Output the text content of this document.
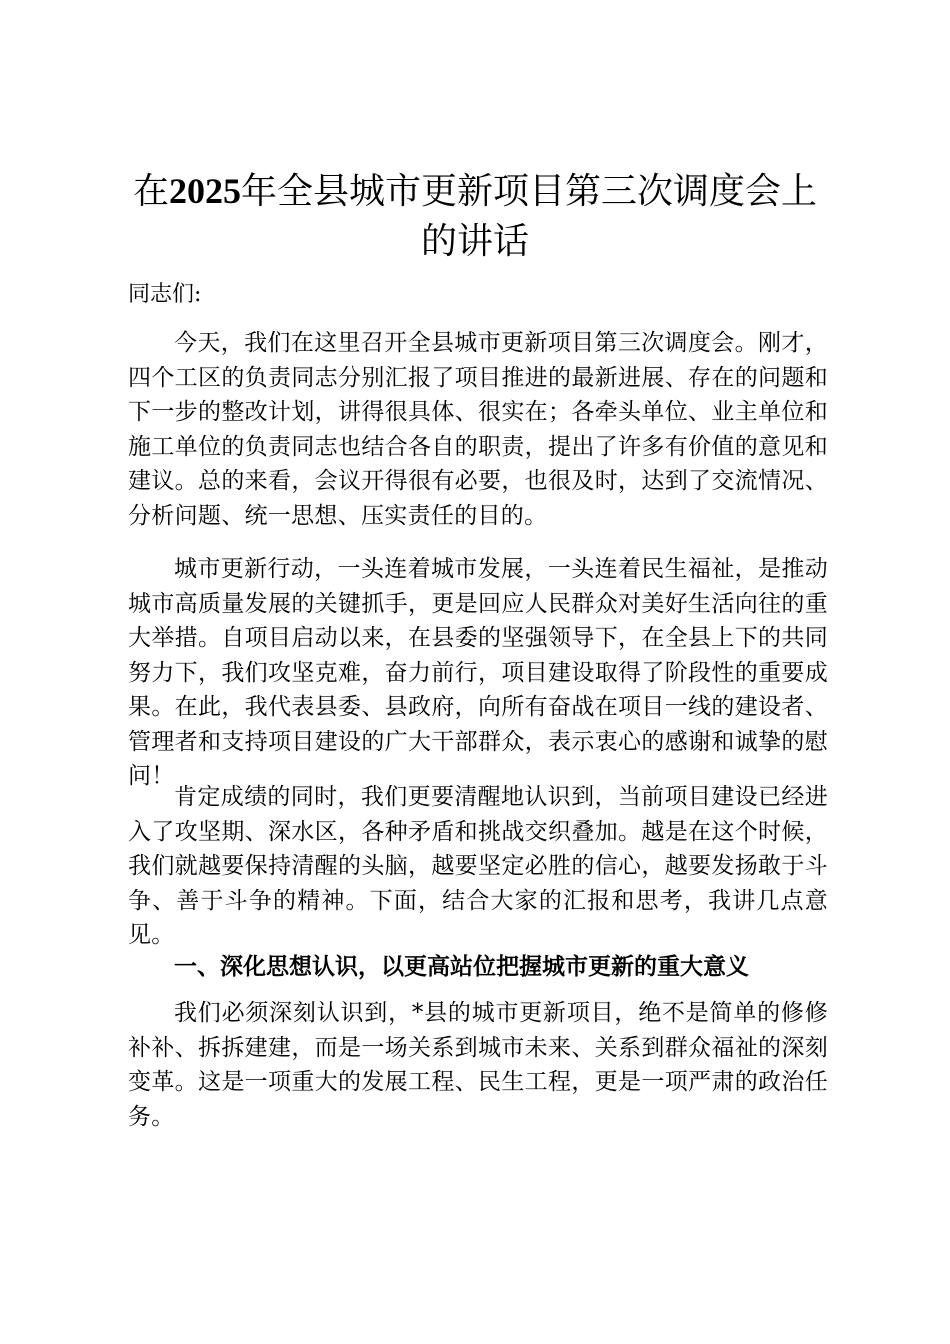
在2025年全县城市更新项目第三次调度会上的讲话

同志们:

今天，我们在这里召开全县城市更新项目第三次调度会。刚才，四个工区的负责同志分别汇报了项目推进的最新进展、存在的问题和下一步的整改计划，讲得很具体、很实在；各牵头单位、业主单位和施工单位的负责同志也结合各自的职责，提出了许多有价值的意见和建议。总的来看，会议开得很有必要，也很及时，达到了交流情况、分析问题、统一思想、压实责任的目的。

城市更新行动，一头连着城市发展，一头连着民生福祉，是推动城市高质量发展的关键抓手，更是回应人民群众对美好生活向往的重大举措。自项目启动以来，在县委的坚强领导下，在全县上下的共同努力下，我们攻坚克难，奋力前行，项目建设取得了阶段性的重要成果。在此，我代表县委、县政府，向所有奋战在项目一线的建设者、管理者和支持项目建设的广大干部群众，表示衷心的感谢和诚挚的慰问！

肯定成绩的同时，我们更要清醒地认识到，当前项目建设已经进入了攻坚期、深水区，各种矛盾和挑战交织叠加。越是在这个时候，我们就越要保持清醒的头脑，越要坚定必胜的信心，越要发扬敢于斗争、善于斗争的精神。下面，结合大家的汇报和思考，我讲几点意见。

一、深化思想认识，以更高站位把握城市更新的重大意义

我们必须深刻认识到，*县的城市更新项目，绝不是简单的修修补补、拆拆建建，而是一场关系到城市未来、关系到群众福祉的深刻变革。这是一项重大的发展工程、民生工程，更是一项严肃的政治任务。
